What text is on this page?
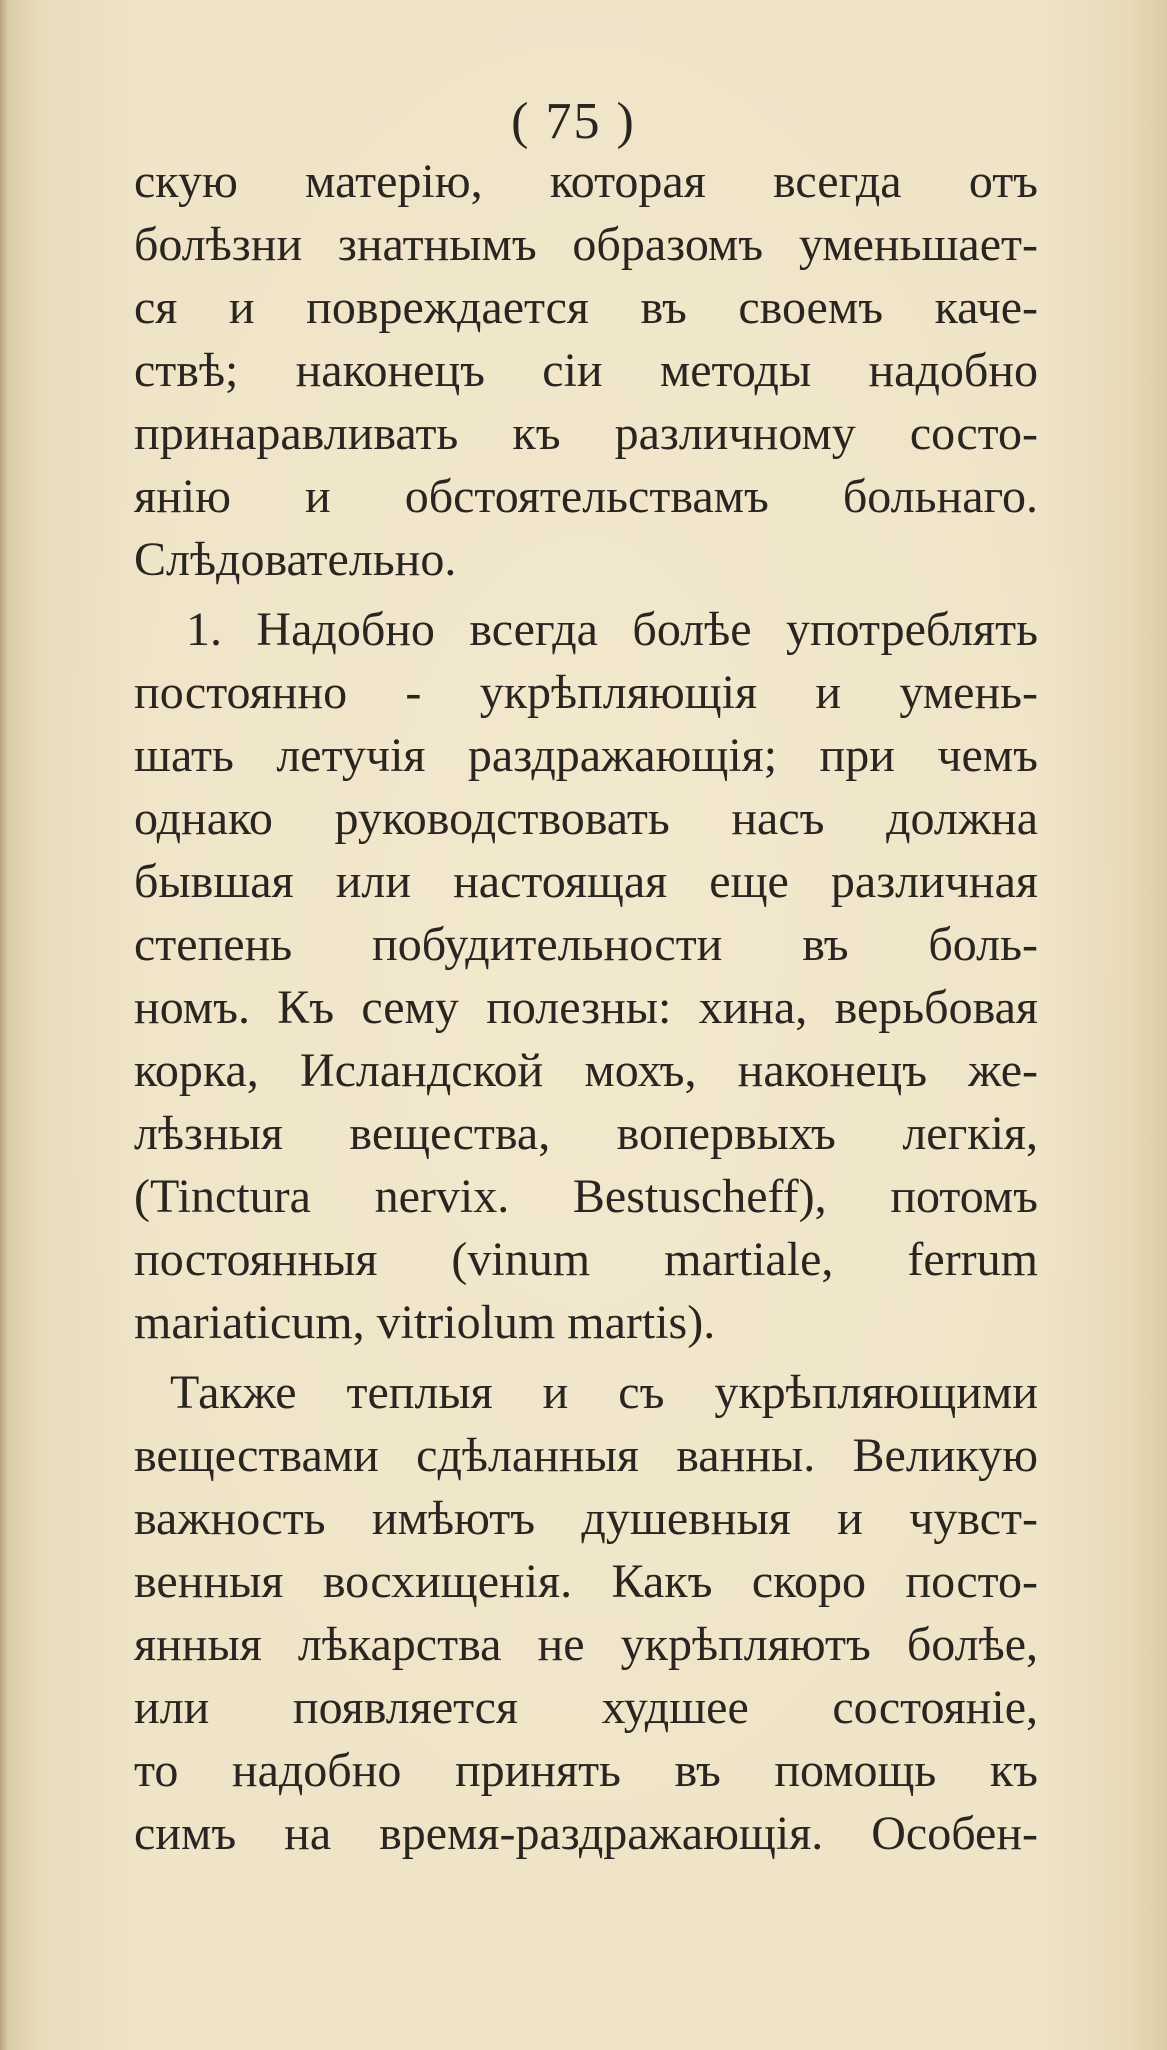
( 75 )
скую матерію, которая всегда отъ
болѣзни знатнымъ образомъ уменьшает-
ся и повреждается въ своемъ каче-
ствѣ; наконецъ сіи методы надобно
принаравливать къ различному состо-
янію и обстоятельствамъ больнаго.
Слѣдовательно.
1. Надобно всегда болѣе употреблять
постоянно - укрѣпляющія и умень-
шать летучія раздражающія; при чемъ
однако руководствовать насъ должна
бывшая или настоящая еще различная
степень побудительности въ боль-
номъ. Къ сему полезны: хина, верьбовая
корка, Исландской мохъ, наконецъ же-
лѣзныя вещества, вопервыхъ легкія,
(Tinctura nervix. Bestuscheff), потомъ
постоянныя (vinum martiale, ferrum
mariaticum, vitriolum martis).
Также теплыя и съ укрѣпляющими
веществами сдѣланныя ванны. Великую
важность имѣютъ душевныя и чувст-
венныя восхищенія. Какъ скоро посто-
янныя лѣкарства не укрѣпляютъ болѣе,
или появляется худшее состояніе,
то надобно принять въ помощь къ
симъ на время-раздражающія. Особен-
